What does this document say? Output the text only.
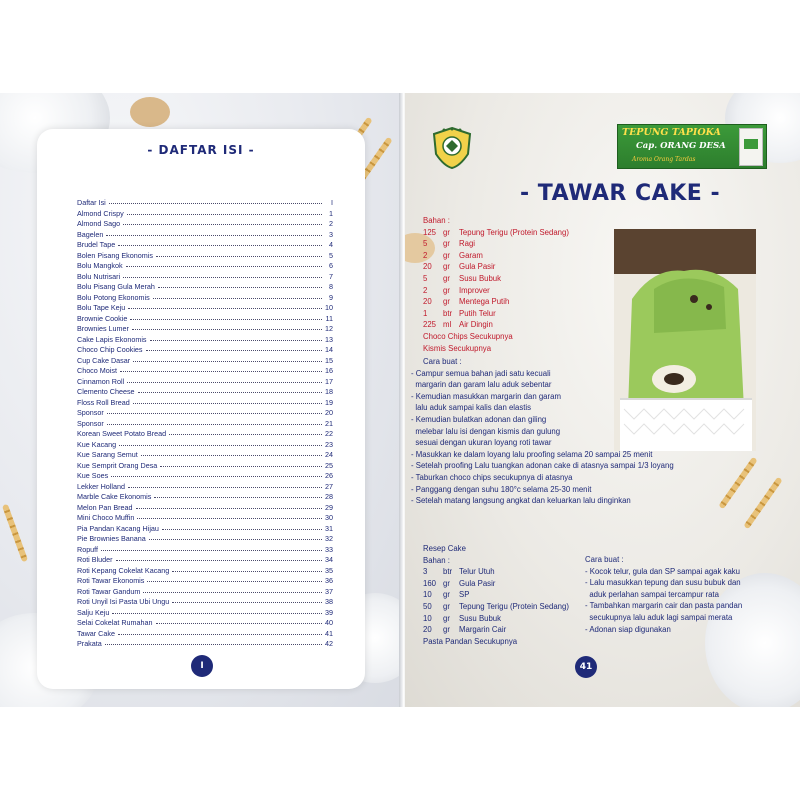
- DAFTAR ISI -
Daftar Isi	I
Almond Crispy	1
Almond Sago	2
Bagelen	3
Brudel Tape	4
Bolen Pisang Ekonomis	5
Bolu Mangkok	6
Bolu Nutrisari	7
Bolu Pisang Gula Merah	8
Bolu Potong Ekonomis	9
Bolu Tape Keju	10
Brownie Cookie	11
Brownies Lumer	12
Cake Lapis Ekonomis	13
Choco Chip Cookies	14
Cup Cake Dasar	15
Choco Moist	16
Cinnamon Roll	17
Clemento Cheese	18
Floss Roll Bread	19
Sponsor	20
Sponsor	21
Korean Sweet Potato Bread	22
Kue Kacang	23
Kue Sarang Semut	24
Kue Semprit Orang Desa	25
Kue Soes	26
Lekker Holland	27
Marble Cake Ekonomis	28
Melon Pan Bread	29
Mini Choco Muffin	30
Pia Pandan Kacang Hijau	31
Pie Brownies Banana	32
Ropuff	33
Roti Bluder	34
Roti Kepang Cokelat Kacang	35
Roti Tawar Ekonomis	36
Roti Tawar Gandum	37
Roti Unyil Isi Pasta Ubi Ungu	38
Salju Keju	39
Selai Cokelat Rumahan	40
Tawar Cake	41
Prakata	42
I
TEPUNG TAPIOKA
Cap. ORANG DESA
Aroma Orang Tardas
- TAWAR CAKE -
Bahan :
125 gr	Tepung Terigu (Protein Sedang)
5	gr	Ragi
2	gr	Garam
20	gr	Gula Pasir
5	gr	Susu Bubuk
2	gr	Improver
20	gr	Mentega Putih
1	btr Putih Telur
225 ml Air Dingin
Choco Chips Secukupnya
Kismis Secukupnya
Cara buat :
- Campur semua bahan jadi satu kecuali
margarin dan garam lalu aduk sebentar
- Kemudian masukkan margarin dan garam
lalu aduk sampai kalis dan elastis
- Kemudian bulatkan adonan dan giling
melebar lalu isi dengan kismis dan gulung
sesuai dengan ukuran loyang roti tawar
- Masukkan ke dalam loyang lalu proofing selama 20 sampai 25 menit
- Setelah proofing Lalu tuangkan adonan cake di atasnya sampai 1/3 loyang
- Taburkan choco chips secukupnya di atasnya
- Panggang dengan suhu 180°c selama 25-30 menit
- Setelah matang langsung angkat dan keluarkan lalu dinginkan
Resep Cake
Bahan :
3	btr Telur Utuh
160 gr	Gula Pasir
10	gr	SP
50	gr	Tepung Terigu (Protein Sedang)
10	gr	Susu Bubuk
20	gr	Margarin Cair
Pasta Pandan Secukupnya
Cara buat :
- Kocok telur, gula dan SP sampai agak kaku
- Lalu masukkan tepung dan susu bubuk dan
aduk perlahan sampai tercampur rata
- Tambahkan margarin cair dan pasta pandan
secukupnya lalu aduk lagi sampai merata
- Adonan siap digunakan
41
